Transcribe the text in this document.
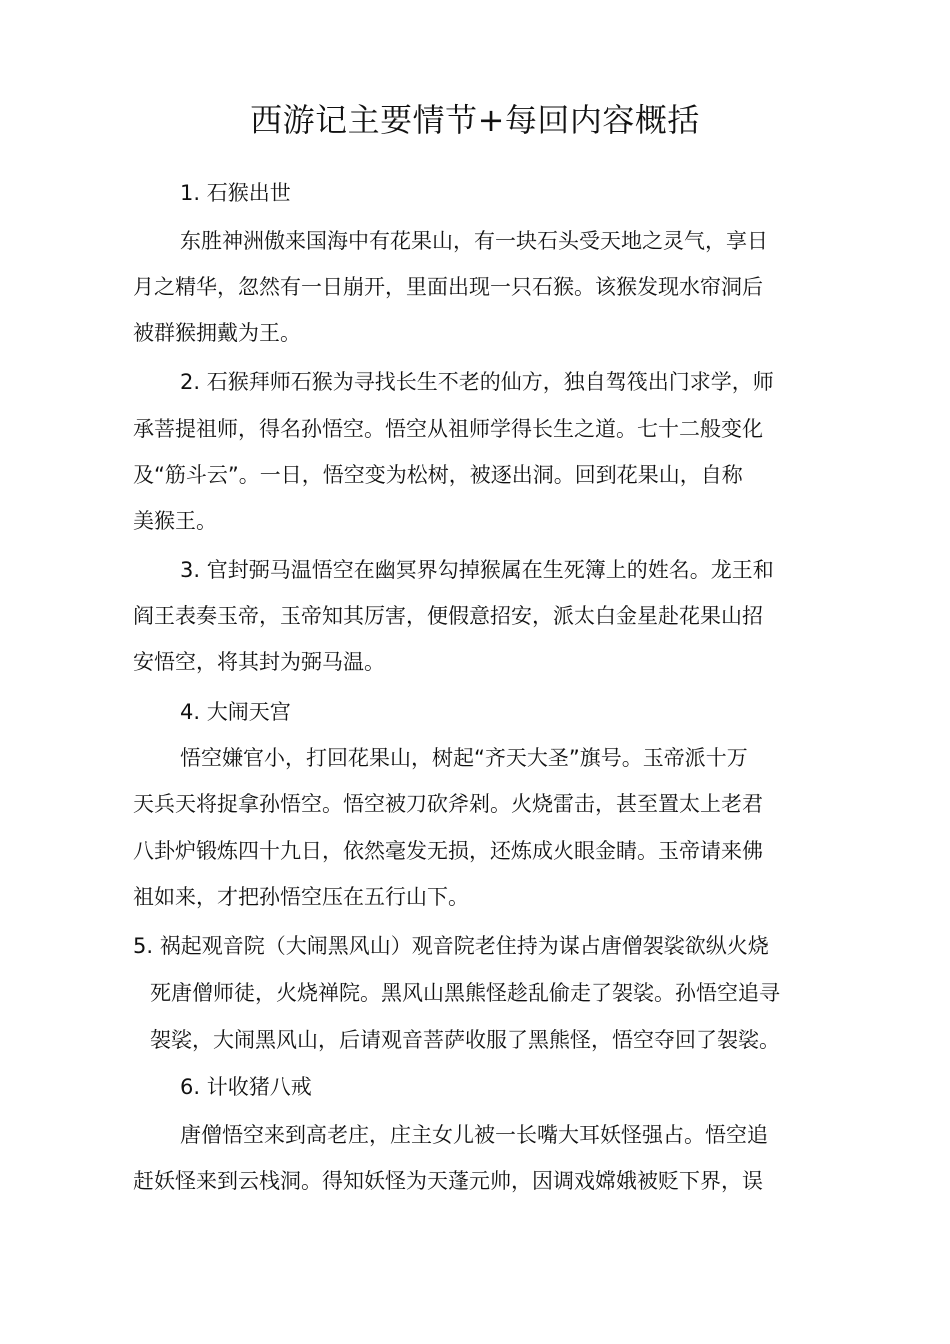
西游记主要情节+每回内容概括

1. 石猴出世

东胜神洲傲来国海中有花果山，有一块石头受天地之灵气，享日

月之精华，忽然有一日崩开，里面出现一只石猴。该猴发现水帘洞后

被群猴拥戴为王。

2. 石猴拜师石猴为寻找长生不老的仙方，独自驾筏出门求学，师

承菩提祖师，得名孙悟空。悟空从祖师学得长生之道。七十二般变化

及“筋斗云”。一日，悟空变为松树，被逐出洞。回到花果山，自称

美猴王。

3. 官封弼马温悟空在幽冥界勾掉猴属在生死簿上的姓名。龙王和

阎王表奏玉帝，玉帝知其厉害，便假意招安，派太白金星赴花果山招

安悟空，将其封为弼马温。

4. 大闹天宫

悟空嫌官小，打回花果山，树起“齐天大圣”旗号。玉帝派十万

天兵天将捉拿孙悟空。悟空被刀砍斧剁。火烧雷击，甚至置太上老君

八卦炉锻炼四十九日，依然毫发无损，还炼成火眼金睛。玉帝请来佛

祖如来，才把孙悟空压在五行山下。

5. 祸起观音院（大闹黑风山）观音院老住持为谋占唐僧袈裟欲纵火烧

死唐僧师徒，火烧禅院。黑风山黑熊怪趁乱偷走了袈裟。孙悟空追寻

袈裟，大闹黑风山，后请观音菩萨收服了黑熊怪，悟空夺回了袈裟。

6. 计收猪八戒

唐僧悟空来到高老庄，庄主女儿被一长嘴大耳妖怪强占。悟空追

赶妖怪来到云栈洞。得知妖怪为天蓬元帅，因调戏嫦娥被贬下界，误
